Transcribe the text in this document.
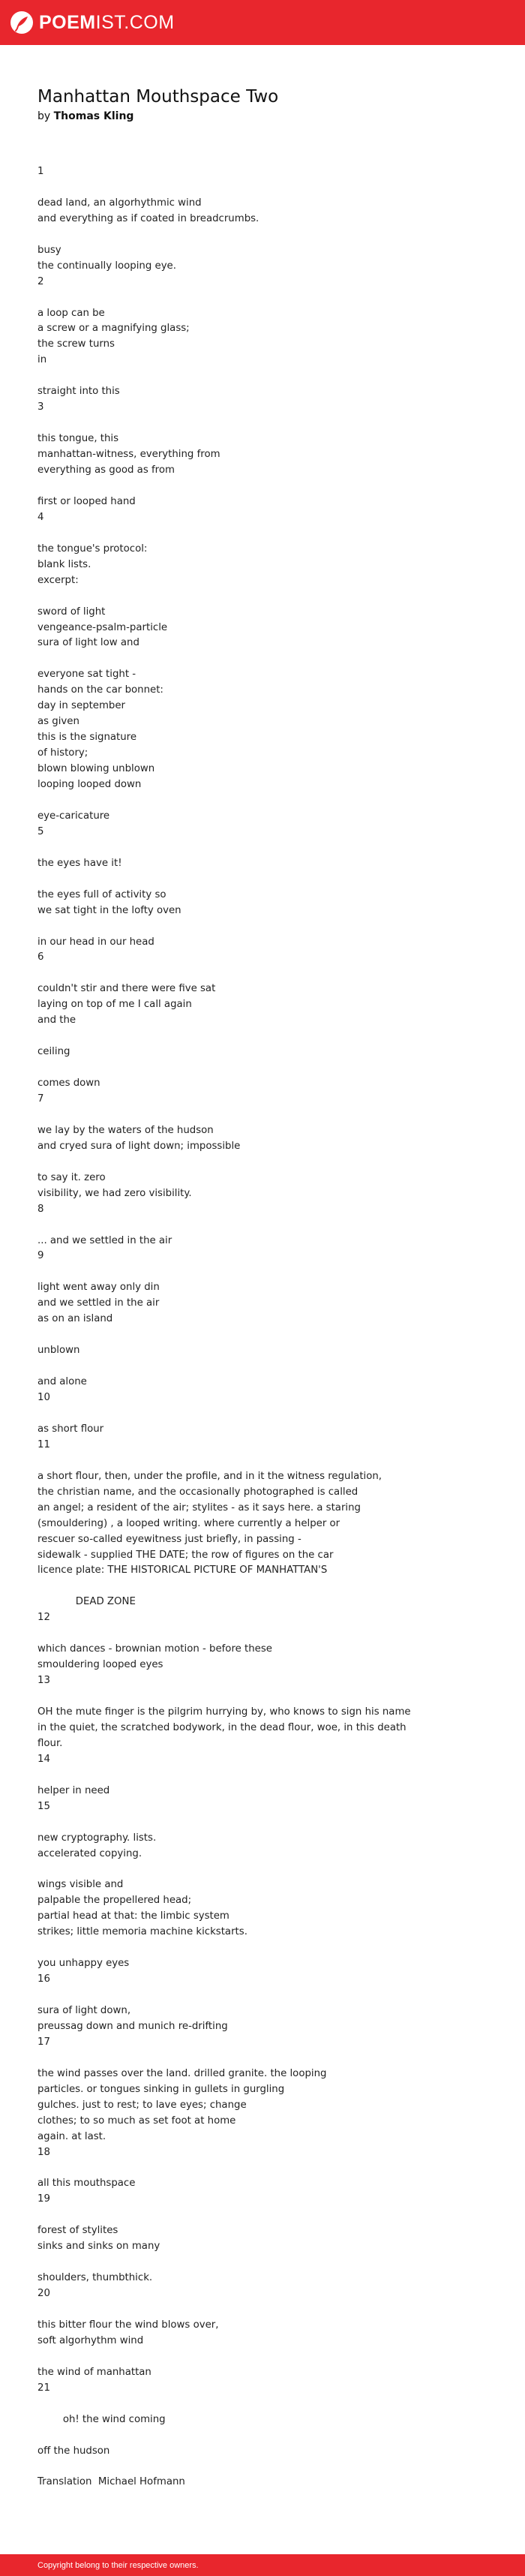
POEMIST.COM
Manhattan Mouthspace Two
by Thomas Kling
1
dead land, an algorhythmic wind
and everything as if coated in breadcrumbs.
busy
the continually looping eye.
2
a loop can be
a screw or a magnifying glass;
the screw turns
in
straight into this
3
this tongue, this
manhattan-witness, everything from
everything as good as from
first or looped hand
4
the tongue's protocol:
blank lists.
excerpt:
sword of light
vengeance-psalm-particle
sura of light low and
everyone sat tight -
hands on the car bonnet:
day in september
as given
this is the signature
of history;
blown blowing unblown
looping looped down
eye-caricature
5
the eyes have it!
the eyes full of activity so
we sat tight in the lofty oven
in our head in our head
6
couldn't stir and there were five sat
laying on top of me I call again
and the
ceiling
comes down
7
we lay by the waters of the hudson
and cryed sura of light down; impossible
to say it. zero
visibility, we had zero visibility.
8
... and we settled in the air
9
light went away only din
and we settled in the air
as on an island
unblown
and alone
10
as short flour
11
a short flour, then, under the profile, and in it the witness regulation,
the christian name, and the occasionally photographed is called
an angel; a resident of the air; stylites - as it says here. a staring
(smouldering) , a looped writing. where currently a helper or
rescuer so-called eyewitness just briefly, in passing -
sidewalk - supplied THE DATE; the row of figures on the car
licence plate: THE HISTORICAL PICTURE OF MANHATTAN'S
DEAD ZONE
12
which dances - brownian motion - before these
smouldering looped eyes
13
OH the mute finger is the pilgrim hurrying by, who knows to sign his name
in the quiet, the scratched bodywork, in the dead flour, woe, in this death
flour.
14
helper in need
15
new cryptography. lists.
accelerated copying.
wings visible and
palpable the propellered head;
partial head at that: the limbic system
strikes; little memoria machine kickstarts.
you unhappy eyes
16
sura of light down,
preussag down and munich re-drifting
17
the wind passes over the land. drilled granite. the looping
particles. or tongues sinking in gullets in gurgling
gulches. just to rest; to lave eyes; change
clothes; to so much as set foot at home
again. at last.
18
all this mouthspace
19
forest of stylites
sinks and sinks on many
shoulders, thumbthick.
20
this bitter flour the wind blows over,
soft algorhythm wind
the wind of manhattan
21
oh! the wind coming
off the hudson
Translation  Michael Hofmann
Copyright belong to their respective owners.
